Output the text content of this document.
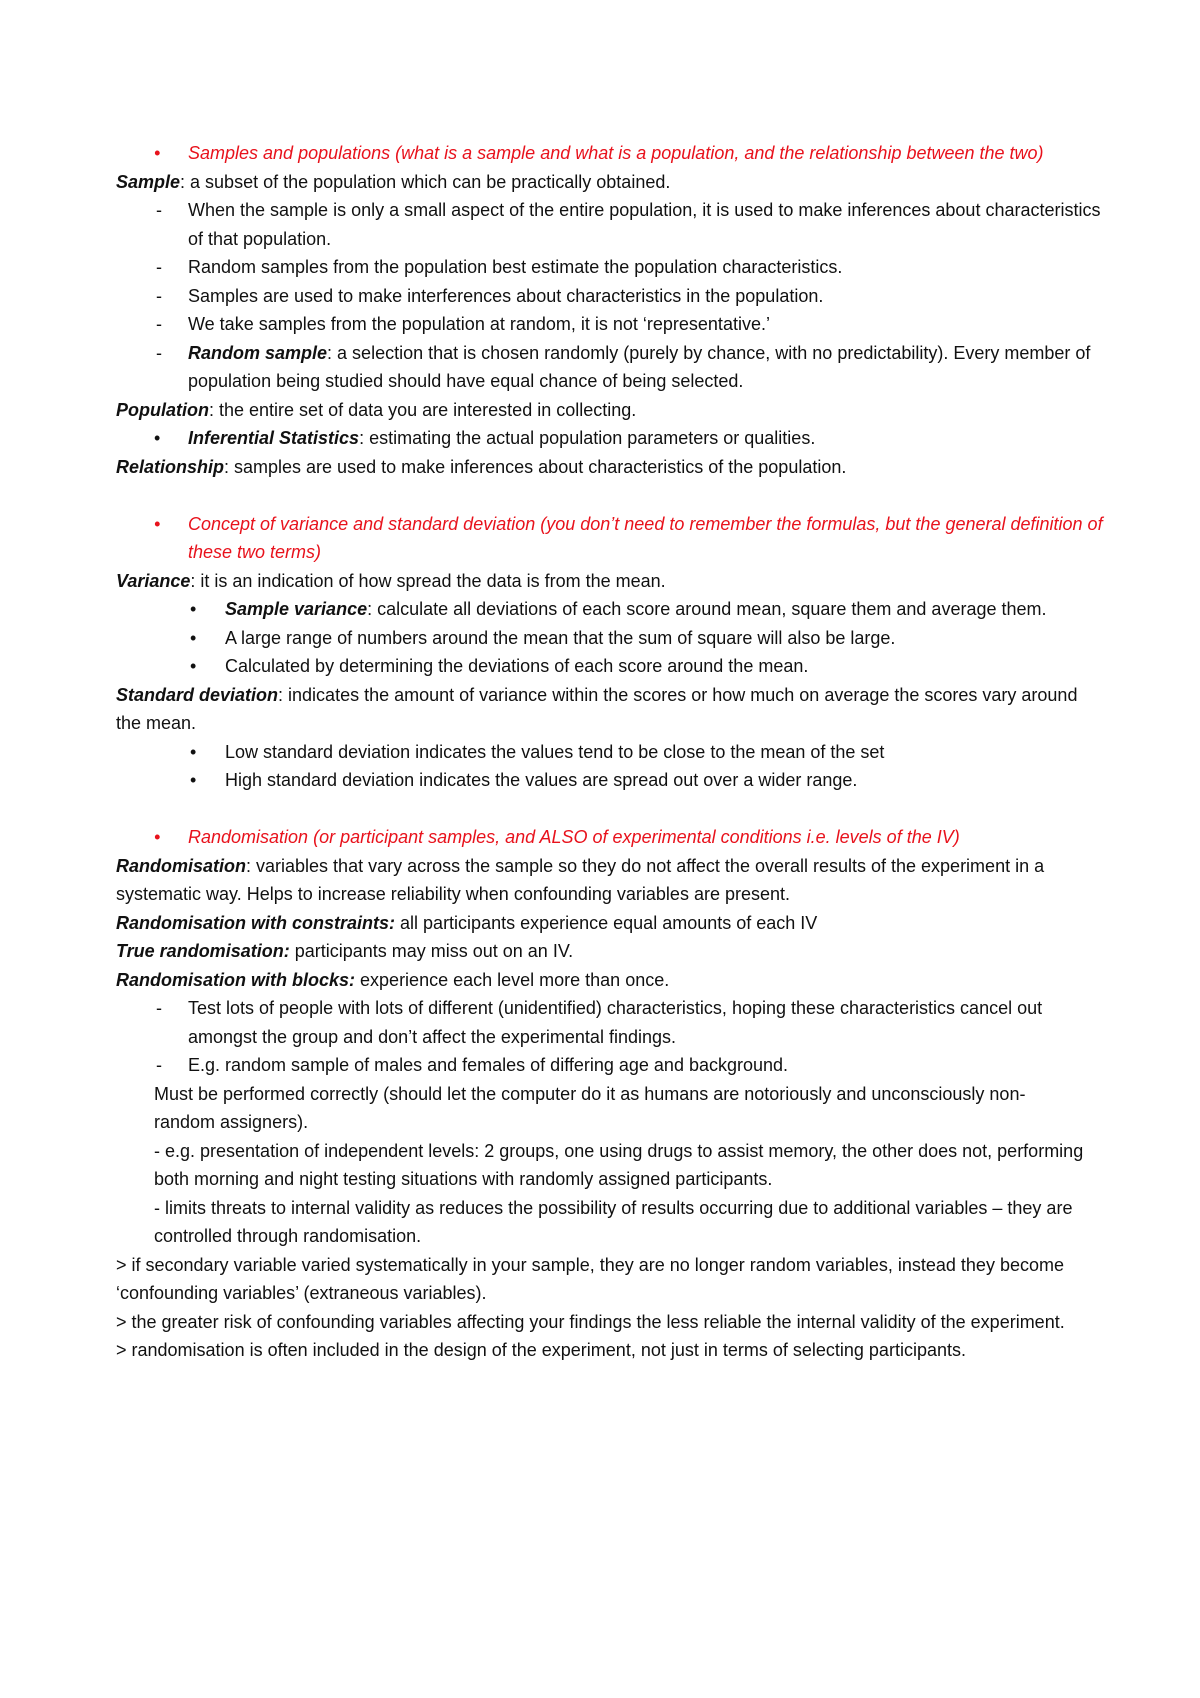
• Samples and populations (what is a sample and what is a population, and the relationship between the two)
Sample: a subset of the population which can be practically obtained.
- When the sample is only a small aspect of the entire population, it is used to make inferences about characteristics of that population.
- Random samples from the population best estimate the population characteristics.
- Samples are used to make interferences about characteristics in the population.
- We take samples from the population at random, it is not ‘representative.’
- Random sample: a selection that is chosen randomly (purely by chance, with no predictability). Every member of population being studied should have equal chance of being selected.
Population: the entire set of data you are interested in collecting.
• Inferential Statistics: estimating the actual population parameters or qualities.
Relationship: samples are used to make inferences about characteristics of the population.
• Concept of variance and standard deviation (you don’t need to remember the formulas, but the general definition of these two terms)
Variance: it is an indication of how spread the data is from the mean.
• Sample variance: calculate all deviations of each score around mean, square them and average them.
• A large range of numbers around the mean that the sum of square will also be large.
• Calculated by determining the deviations of each score around the mean.
Standard deviation: indicates the amount of variance within the scores or how much on average the scores vary around the mean.
• Low standard deviation indicates the values tend to be close to the mean of the set
• High standard deviation indicates the values are spread out over a wider range.
• Randomisation (or participant samples, and ALSO of experimental conditions i.e. levels of the IV)
Randomisation: variables that vary across the sample so they do not affect the overall results of the experiment in a systematic way. Helps to increase reliability when confounding variables are present.
Randomisation with constraints: all participants experience equal amounts of each IV
True randomisation: participants may miss out on an IV.
Randomisation with blocks: experience each level more than once.
- Test lots of people with lots of different (unidentified) characteristics, hoping these characteristics cancel out amongst the group and don’t affect the experimental findings.
- E.g. random sample of males and females of differing age and background.
Must be performed correctly (should let the computer do it as humans are notoriously and unconsciously non-random assigners).
- e.g. presentation of independent levels: 2 groups, one using drugs to assist memory, the other does not, performing both morning and night testing situations with randomly assigned participants.
- limits threats to internal validity as reduces the possibility of results occurring due to additional variables – they are controlled through randomisation.
> if secondary variable varied systematically in your sample, they are no longer random variables, instead they become ‘confounding variables’ (extraneous variables).
> the greater risk of confounding variables affecting your findings the less reliable the internal validity of the experiment.
> randomisation is often included in the design of the experiment, not just in terms of selecting participants.
